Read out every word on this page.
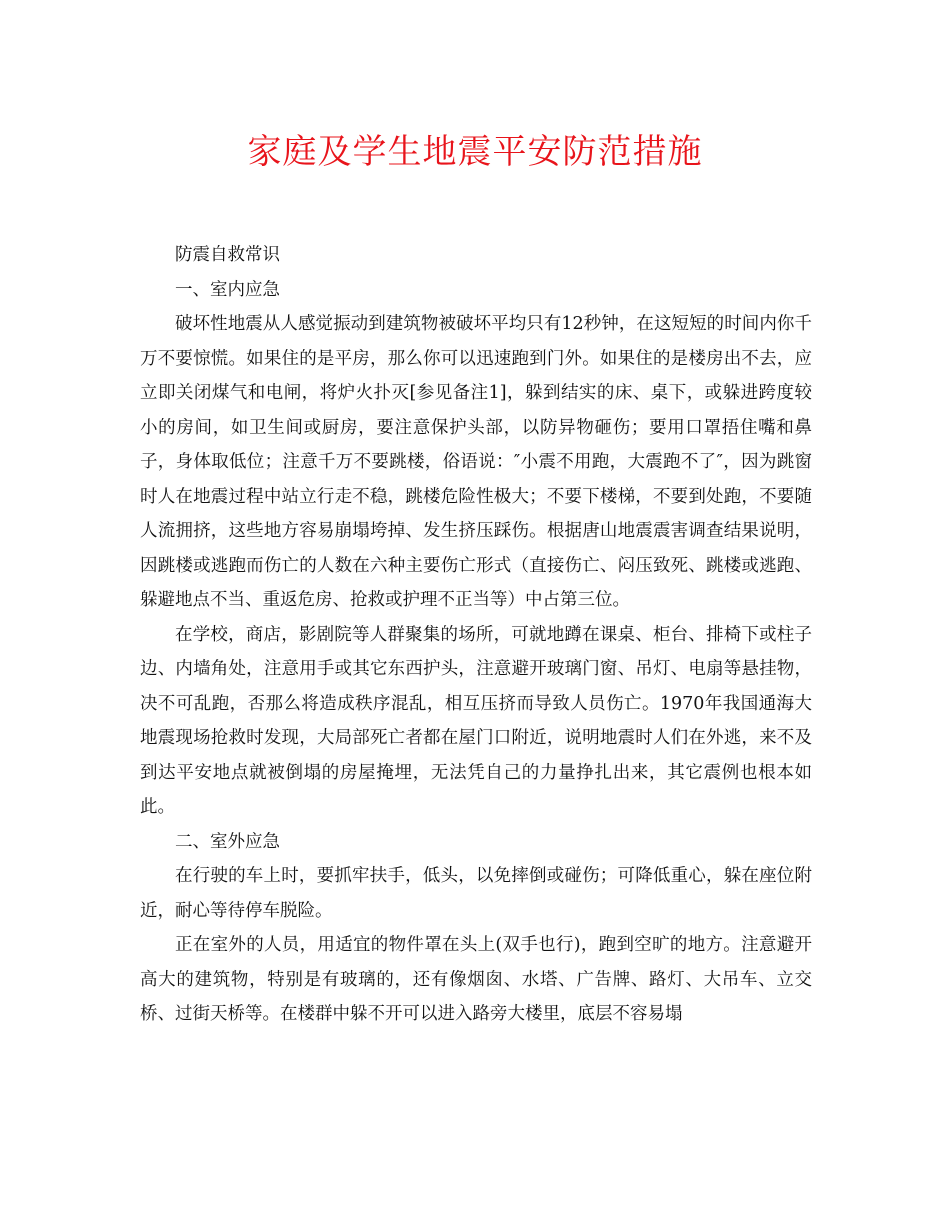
家庭及学生地震平安防范措施

防震自救常识

一、室内应急

破坏性地震从人感觉振动到建筑物被破坏平均只有12秒钟，在这短短的时间内你千万不要惊慌。如果住的是平房，那么你可以迅速跑到门外。如果住的是楼房出不去，应立即关闭煤气和电闸，将炉火扑灭[参见备注1]，躲到结实的床、桌下，或躲进跨度较小的房间，如卫生间或厨房，要注意保护头部，以防异物砸伤；要用口罩捂住嘴和鼻子，身体取低位；注意千万不要跳楼，俗语说：″小震不用跑，大震跑不了″，因为跳窗时人在地震过程中站立行走不稳，跳楼危险性极大；不要下楼梯，不要到处跑，不要随人流拥挤，这些地方容易崩塌垮掉、发生挤压踩伤。根据唐山地震震害调查结果说明，因跳楼或逃跑而伤亡的人数在六种主要伤亡形式（直接伤亡、闷压致死、跳楼或逃跑、躲避地点不当、重返危房、抢救或护理不正当等）中占第三位。

在学校，商店，影剧院等人群聚集的场所，可就地蹲在课桌、柜台、排椅下或柱子边、内墙角处，注意用手或其它东西护头，注意避开玻璃门窗、吊灯、电扇等悬挂物，决不可乱跑，否那么将造成秩序混乱，相互压挤而导致人员伤亡。1970年我国通海大地震现场抢救时发现，大局部死亡者都在屋门口附近，说明地震时人们在外逃，来不及到达平安地点就被倒塌的房屋掩埋，无法凭自己的力量挣扎出来，其它震例也根本如此。

二、室外应急

在行驶的车上时，要抓牢扶手，低头，以免摔倒或碰伤；可降低重心，躲在座位附近，耐心等待停车脱险。

正在室外的人员，用适宜的物件罩在头上(双手也行)，跑到空旷的地方。注意避开高大的建筑物，特别是有玻璃的，还有像烟囱、水塔、广告牌、路灯、大吊车、立交桥、过街天桥等。在楼群中躲不开可以进入路旁大楼里，底层不容易塌
